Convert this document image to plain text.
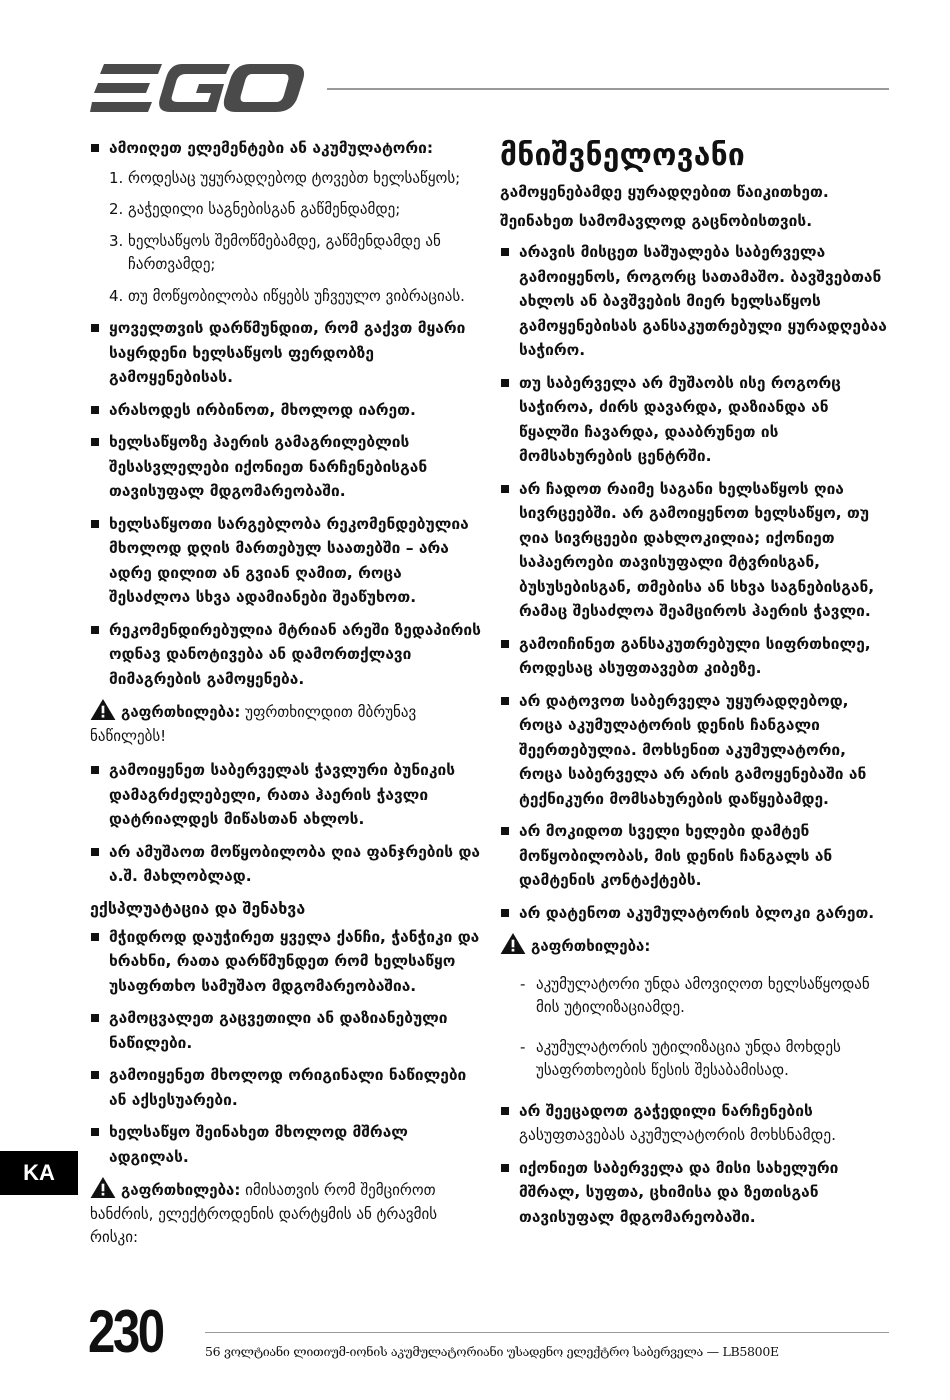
ამოიღეთ ელემენტები ან აკუმულატორი:
1. როდესაც უყურადღებოდ ტოვებთ ხელსაწყოს;
2. გაჭედილი საგნებისგან გაწმენდამდე;
3. ხელსაწყოს შემოწმებამდე, გაწმენდამდე ან ჩართვამდე;
4. თუ მოწყობილობა იწყებს უჩვეულო ვიბრაციას.
ყოველთვის დარწმუნდით, რომ გაქვთ მყარი საყრდენი ხელსაწყოს ფერდობზე გამოყენებისას.
არასოდეს ირბინოთ, მხოლოდ იარეთ.
ხელსაწყოზე ჰაერის გამაგრილებლის შესასვლელები იქონიეთ ნარჩენებისგან თავისუფალ მდგომარეობაში.
ხელსაწყოთი სარგებლობა რეკომენდებულია მხოლოდ დღის მართებულ საათებში – არა ადრე დილით ან გვიან ღამით, როცა შესაძლოა სხვა ადამიანები შეაწუხოთ.
რეკომენდირებულია მტრიან არეში ზედაპირის ოდნავ დანოტივება ან დამორთქლავი მიმაგრების გამოყენება.
გაფრთხილება: უფრთხილდით მბრუნავ ნაწილებს!
გამოიყენეთ საბერველას ჭავლური ბუნიკის დამაგრძელებელი, რათა ჰაერის ჭავლი დატრიალდეს მიწასთან ახლოს.
არ ამუშაოთ მოწყობილობა ღია ფანჯრების და ა.შ. მახლობლად.
ექსპლუატაცია და შენახვა
მჭიდროდ დაუჭირეთ ყველა ქანჩი, ჭანჭიკი და ხრახნი, რათა დარწმუნდეთ რომ ხელსაწყო უსაფრთხო სამუშაო მდგომარეობაშია.
გამოცვალეთ გაცვეთილი ან დაზიანებული ნაწილები.
გამოიყენეთ მხოლოდ ორიგინალი ნაწილები ან აქსესუარები.
ხელსაწყო შეინახეთ მხოლოდ მშრალ ადგილას.
გაფრთხილება: იმისათვის რომ შემციროთ ხანძრის, ელექტროდენის დარტყმის ან ტრავმის რისკი:
მნიშვნელოვანი
გამოყენებამდე ყურადღებით წაიკითხეთ.
შეინახეთ სამომავლოდ გაცნობისთვის.
არავის მისცეთ საშუალება საბერველა გამოიყენოს, როგორც სათამაშო. ბავშვებთან ახლოს ან ბავშვების მიერ ხელსაწყოს გამოყენებისას განსაკუთრებული ყურადღებაა საჭირო.
თუ საბერველა არ მუშაობს ისე როგორც საჭიროა, ძირს დავარდა, დაზიანდა ან წყალში ჩავარდა, დააბრუნეთ ის მომსახურების ცენტრში.
არ ჩადოთ რაიმე საგანი ხელსაწყოს ღია სივრცეებში. არ გამოიყენოთ ხელსაწყო, თუ ღია სივრცეები დახლოკილია; იქონიეთ საჰაეროები თავისუფალი მტვრისგან, ბუსუსებისგან, თმებისა ან სხვა საგნებისგან, რამაც შესაძლოა შეამციროს ჰაერის ჭავლი.
გამოიჩინეთ განსაკუთრებული სიფრთხილე, როდესაც ასუფთავებთ კიბეზე.
არ დატოვოთ საბერველა უყურადღებოდ, როცა აკუმულატორის დენის ჩანგალი შეერთებულია. მოხსენით აკუმულატორი, როცა საბერველა არ არის გამოყენებაში ან ტექნიკური მომსახურების დაწყებამდე.
არ მოკიდოთ სველი ხელები დამტენ მოწყობილობას, მის დენის ჩანგალს ან დამტენის კონტაქტებს.
არ დატენოთ აკუმულატორის ბლოკი გარეთ.
გაფრთხილება:
- აკუმულატორი უნდა ამოვიღოთ ხელსაწყოდან მის უტილიზაციამდე.
- აკუმულატორის უტილიზაცია უნდა მოხდეს უსაფრთხოების წესის შესაბამისად.
არ შეეცადოთ გაჭედილი ნარჩენების გასუფთავებას აკუმულატორის მოხსნამდე.
იქონიეთ საბერველა და მისი სახელური მშრალ, სუფთა, ცხიმისა და ზეთისგან თავისუფალ მდგომარეობაში.
KA
230	56 ვოლტიანი ლითიუმ-იონის აკუმულატორიანი უსადენო ელექტრო საბერველა — LB5800E
